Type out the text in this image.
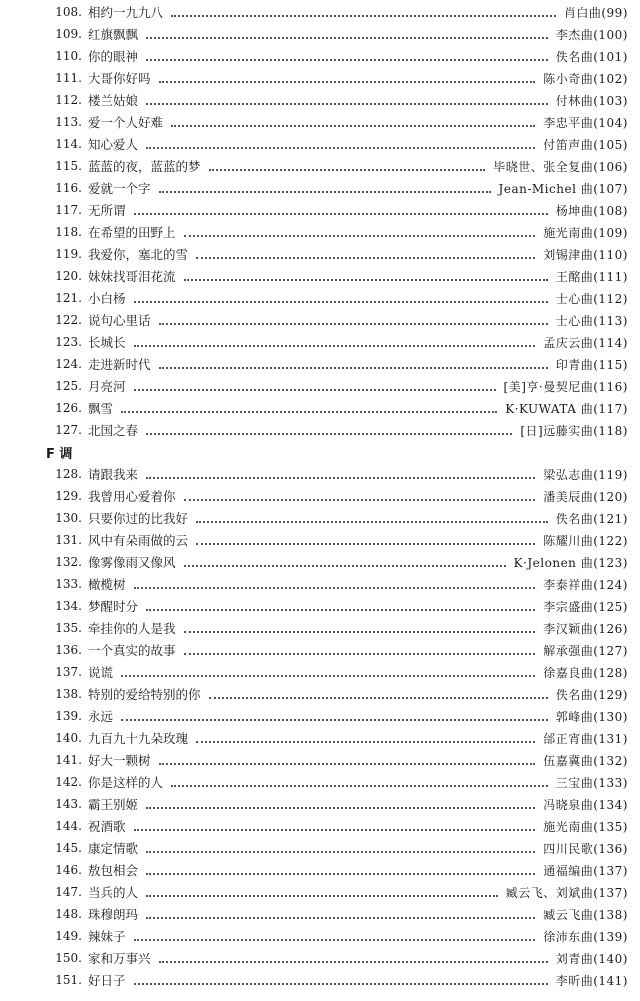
108. 相约一九九八	肖白曲(99)
109. 红旗飘飘	李杰曲(100)
110. 你的眼神	佚名曲(101)
111. 大哥你好吗	陈小奇曲(102)
112. 楼兰姑娘	付林曲(103)
113. 爱一个人好难	李忠平曲(104)
114. 知心爱人	付笛声曲(105)
115. 蓝蓝的夜，蓝蓝的梦	毕晓世、张全复曲(106)
116. 爱就一个字	Jean-Michel 曲(107)
117. 无所谓	杨坤曲(108)
118. 在希望的田野上	施光南曲(109)
119. 我爱你，塞北的雪	刘锡津曲(110)
120. 妹妹找哥泪花流	王酩曲(111)
121. 小白杨	士心曲(112)
122. 说句心里话	士心曲(113)
123. 长城长	孟庆云曲(114)
124. 走进新时代	印青曲(115)
125. 月亮河	[美]亨·曼契尼曲(116)
126. 飘雪	K·KUWATA 曲(117)
127. 北国之春	[日]远藤实曲(118)
F 调
128. 请跟我来	梁弘志曲(119)
129. 我曾用心爱着你	潘美辰曲(120)
130. 只要你过的比我好	佚名曲(121)
131. 风中有朵雨做的云	陈耀川曲(122)
132. 像雾像雨又像风	K·Jelonen 曲(123)
133. 橄榄树	李泰祥曲(124)
134. 梦醒时分	李宗盛曲(125)
135. 牵挂你的人是我	李汉颖曲(126)
136. 一个真实的故事	解承强曲(127)
137. 说谎	徐嘉良曲(128)
138. 特别的爱给特别的你	佚名曲(129)
139. 永远	郭峰曲(130)
140. 九百九十九朵玫瑰	邰正宵曲(131)
141. 好大一颗树	伍嘉冀曲(132)
142. 你是这样的人	三宝曲(133)
143. 霸王别姬	冯晓泉曲(134)
144. 祝酒歌	施光南曲(135)
145. 康定情歌	四川民歌(136)
146. 敖包相会	通福编曲(137)
147. 当兵的人	臧云飞、刘斌曲(137)
148. 珠穆朗玛	臧云飞曲(138)
149. 辣妹子	徐沛东曲(139)
150. 家和万事兴	刘青曲(140)
151. 好日子	李昕曲(141)
